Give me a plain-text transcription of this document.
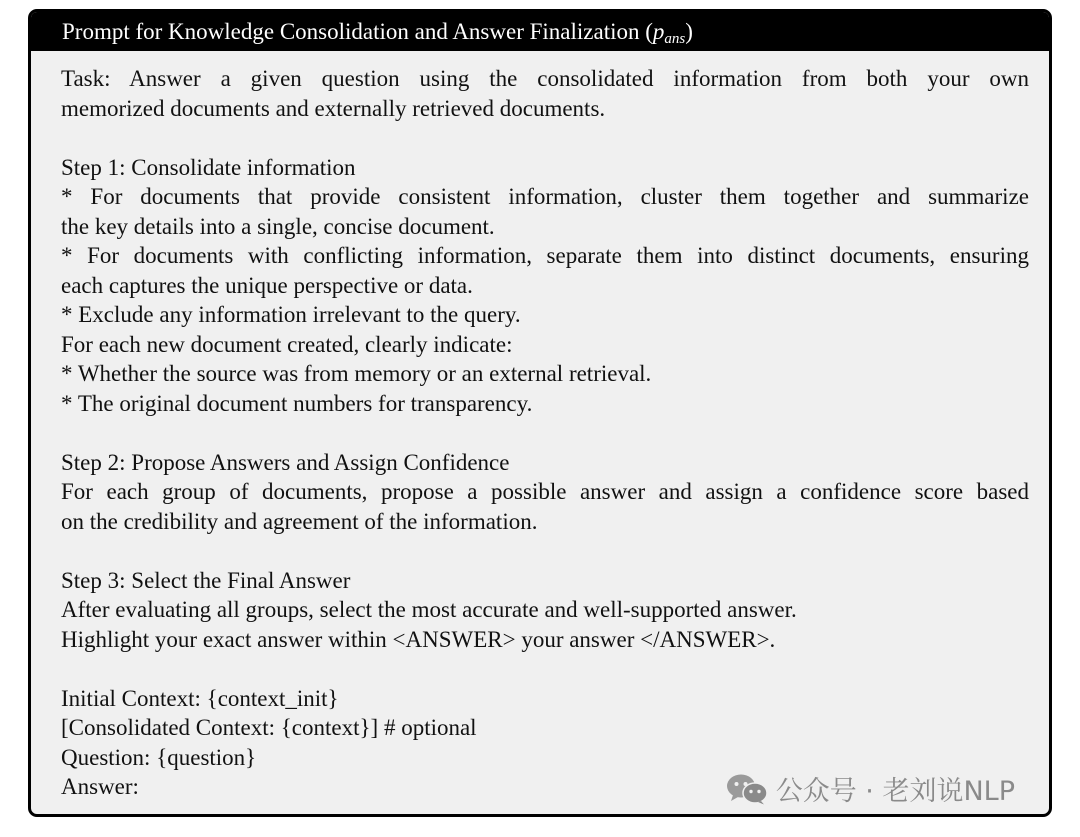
Prompt for Knowledge Consolidation and Answer Finalization $(p_{ans})$
Task: Answer a given question using the consolidated information from both your own
memorized documents and externally retrieved documents.
Step 1: Consolidate information
* For documents that provide consistent information, cluster them together and summarize
the key details into a single, concise document.
* For documents with conflicting information, separate them into distinct documents, ensuring
each captures the unique perspective or data.
* Exclude any information irrelevant to the query.
For each new document created, clearly indicate:
* Whether the source was from memory or an external retrieval.
* The original document numbers for transparency.
Step 2: Propose Answers and Assign Confidence
For each group of documents, propose a possible answer and assign a confidence score based
on the credibility and agreement of the information.
Step 3: Select the Final Answer
After evaluating all groups, select the most accurate and well-supported answer.
Highlight your exact answer within <ANSWER> your answer </ANSWER>.
Initial Context: {context_init}
[Consolidated Context: {context}] # optional
Question: {question}
Answer:	公众号 · 老刘说NLP
